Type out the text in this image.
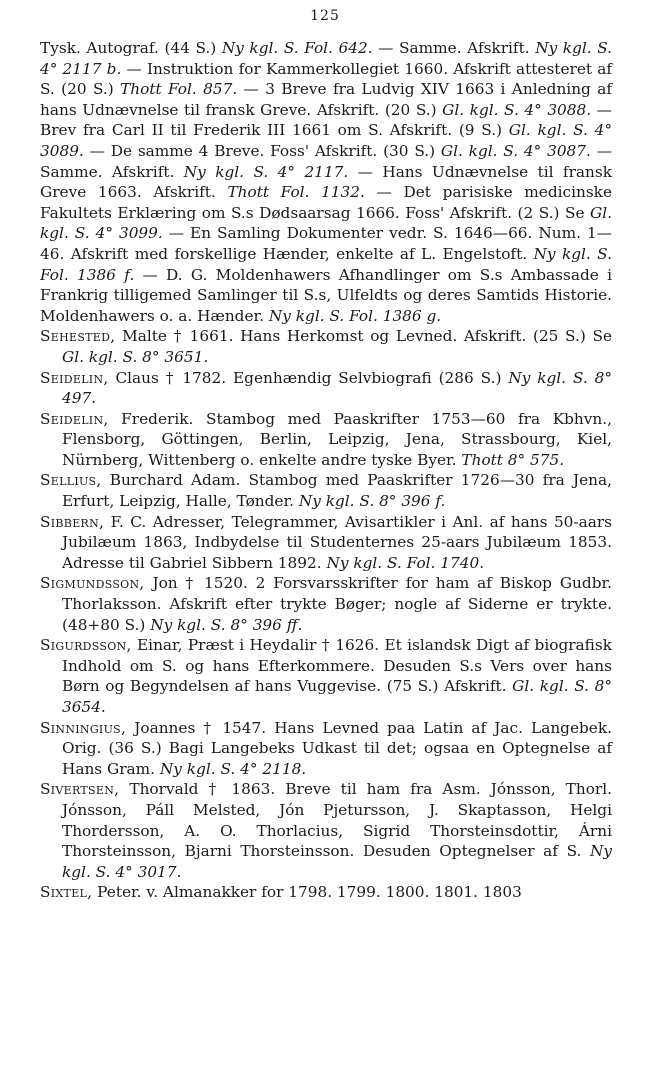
125

Tysk. Autograf. (44 S.) Ny kgl. S. Fol. 642. — Samme. Afskrift. Ny kgl. S. 4° 2117 b. — Instruktion for Kammerkollegiet 1660. Afskrift attesteret af S. (20 S.) Thott Fol. 857. — 3 Breve fra Ludvig XIV 1663 i Anledning af hans Udnævnelse til fransk Greve. Afskrift. (20 S.) Gl. kgl. S. 4° 3088. — Brev fra Carl II til Frederik III 1661 om S. Afskrift. (9 S.) Gl. kgl. S. 4° 3089. — De samme 4 Breve. Foss' Afskrift. (30 S.) Gl. kgl. S. 4° 3087. — Samme. Afskrift. Ny kgl. S. 4° 2117. — Hans Udnævnelse til fransk Greve 1663. Afskrift. Thott Fol. 1132. — Det parisiske medicinske Fakultets Erklæring om S.s Dødsaarsag 1666. Foss' Afskrift. (2 S.) Se Gl. kgl. S. 4° 3099. — En Samling Dokumenter vedr. S. 1646—66. Num. 1—46. Afskrift med forskellige Hænder, enkelte af L. Engelstoft. Ny kgl. S. Fol. 1386 f. — D. G. Moldenhawers Afhandlinger om S.s Ambassade i Frankrig tilligemed Samlinger til S.s, Ulfeldts og deres Samtids Historie. Moldenhawers o. a. Hænder. Ny kgl. S. Fol. 1386 g.

Sehested, Malte † 1661. Hans Herkomst og Levned. Afskrift. (25 S.) Se Gl. kgl. S. 8° 3651.

Seidelin, Claus † 1782. Egenhændig Selvbiografi (286 S.) Ny kgl. S. 8° 497.

Seidelin, Frederik. Stambog med Paaskrifter 1753—60 fra Kbhvn., Flensborg, Göttingen, Berlin, Leipzig, Jena, Strassbourg, Kiel, Nürnberg, Wittenberg o. enkelte andre tyske Byer. Thott 8° 575.

Sellius, Burchard Adam. Stambog med Paaskrifter 1726—30 fra Jena, Erfurt, Leipzig, Halle, Tønder. Ny kgl. S. 8° 396 f.

Sibbern, F. C. Adresser, Telegrammer, Avisartikler i Anl. af hans 50-aars Jubilæum 1863, Indbydelse til Studenternes 25-aars Jubilæum 1853. Adresse til Gabriel Sibbern 1892. Ny kgl. S. Fol. 1740.

Sigmundsson, Jon † 1520. 2 Forsvarsskrifter for ham af Biskop Gudbr. Thorlaksson. Afskrift efter trykte Bøger; nogle af Siderne er trykte. (48+80 S.) Ny kgl. S. 8° 396 ff.

Sigurdsson, Einar, Præst i Heydalir † 1626. Et islandsk Digt af biografisk Indhold om S. og hans Efterkommere. Desuden S.s Vers over hans Børn og Begyndelsen af hans Vuggevise. (75 S.) Afskrift. Gl. kgl. S. 8° 3654.

Sinningius, Joannes † 1547. Hans Levned paa Latin af Jac. Langebek. Orig. (36 S.) Bagi Langebeks Udkast til det; ogsaa en Optegnelse af Hans Gram. Ny kgl. S. 4° 2118.

Sivertsen, Thorvald † 1863. Breve til ham fra Asm. Jónsson, Thorl. Jónsson, Páll Melsted, Jón Pjetursson, J. Skaptasson, Helgi Thordersson, A. O. Thorlacius, Sigrid Thorsteinsdottir, Árni Thorsteinsson, Bjarni Thorsteinsson. Desuden Optegnelser af S. Ny kgl. S. 4° 3017.

Sixtel, Peter. v. Almanakker for 1798. 1799. 1800. 1801. 1803
